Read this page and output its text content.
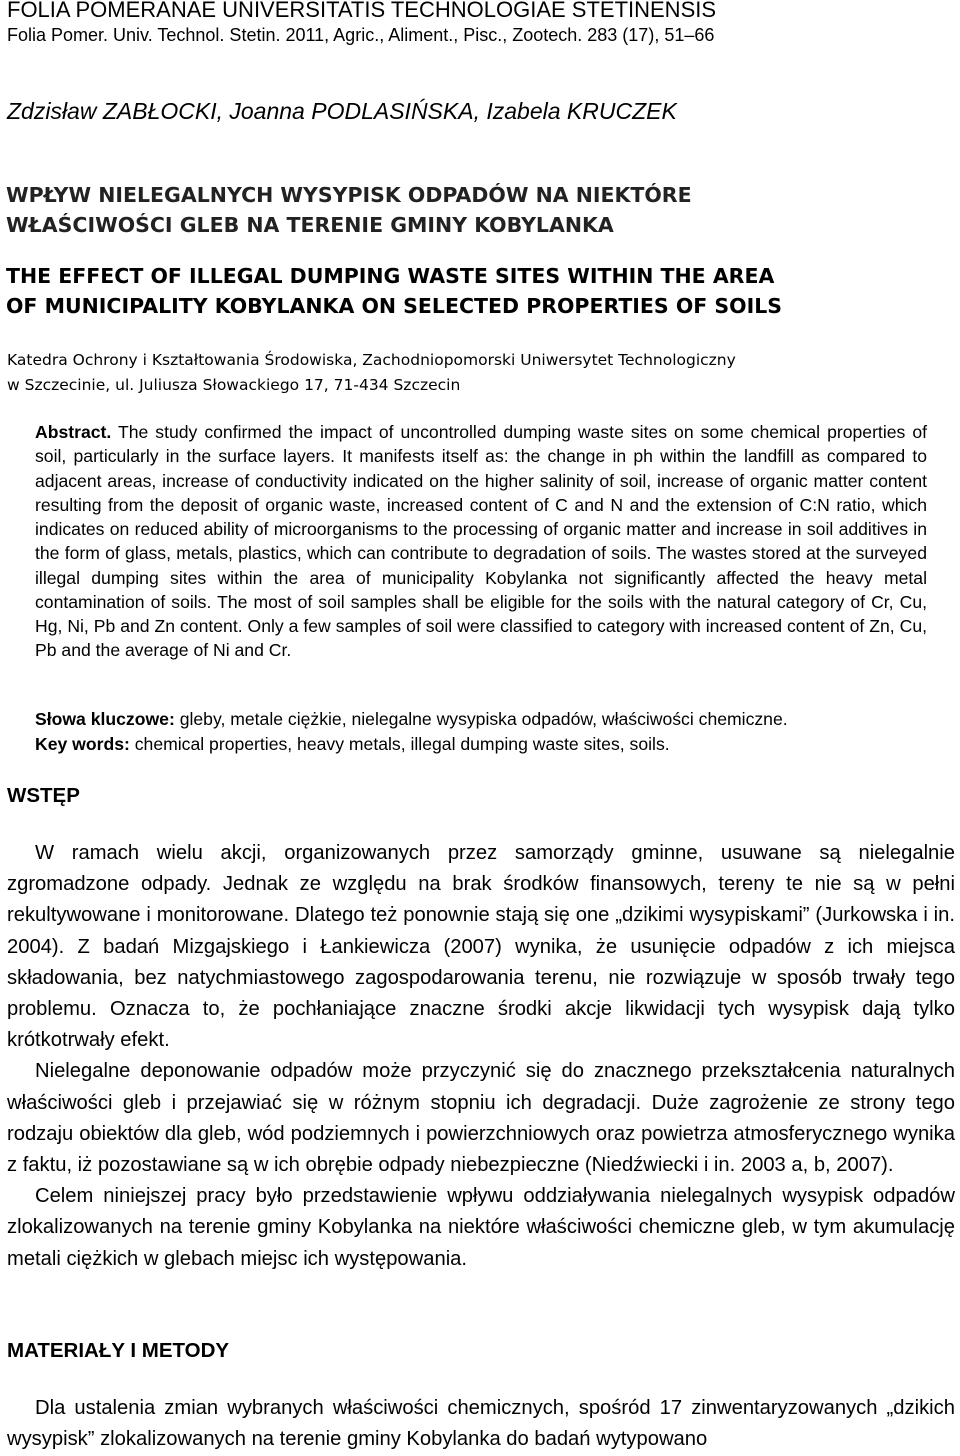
FOLIA POMERANAE UNIVERSITATIS TECHNOLOGIAE STETINENSIS
Folia Pomer. Univ. Technol. Stetin. 2011, Agric., Aliment., Pisc., Zootech. 283 (17), 51–66
Zdzisław ZABŁOCKI, Joanna PODLASIŃSKA, Izabela KRUCZEK
WPŁYW NIELEGALNYCH WYSYPISK ODPADÓW NA NIEKTÓRE
WŁAŚCIWOŚCI GLEB NA TERENIE GMINY KOBYLANKA
THE EFFECT OF ILLEGAL DUMPING WASTE SITES WITHIN THE AREA
OF MUNICIPALITY KOBYLANKA ON SELECTED PROPERTIES OF SOILS
Katedra Ochrony i Kształtowania Środowiska, Zachodniopomorski Uniwersytet Technologiczny
w Szczecinie, ul. Juliusza Słowackiego 17, 71-434 Szczecin
Abstract. The study confirmed the impact of uncontrolled dumping waste sites on some chemical properties of soil, particularly in the surface layers. It manifests itself as: the change in ph within the landfill as compared to adjacent areas, increase of conductivity indicated on the higher salinity of soil, increase of organic matter content resulting from the deposit of organic waste, increased content of C and N and the extension of C:N ratio, which indicates on reduced ability of microorganisms to the processing of organic matter and increase in soil additives in the form of glass, metals, plastics, which can contribute to degradation of soils. The wastes stored at the surveyed illegal dumping sites within the area of municipality Kobylanka not significantly affected the heavy metal contamination of soils. The most of soil samples shall be eligible for the soils with the natural category of Cr, Cu, Hg, Ni, Pb and Zn content. Only a few samples of soil were classified to category with increased content of Zn, Cu, Pb and the average of Ni and Cr.
Słowa kluczowe: gleby, metale ciężkie, nielegalne wysypiska odpadów, właściwości chemiczne.
Key words: chemical properties, heavy metals, illegal dumping waste sites, soils.
WSTĘP

W ramach wielu akcji, organizowanych przez samorządy gminne, usuwane są nielegalnie zgromadzone odpady. Jednak ze względu na brak środków finansowych, tereny te nie są w pełni rekultywowane i monitorowane. Dlatego też ponownie stają się one „dzikimi wysypiskami” (Jurkowska i in. 2004). Z badań Mizgajskiego i Łankiewicza (2007) wynika, że usunięcie odpadów z ich miejsca składowania, bez natychmiastowego zagospodarowania terenu, nie rozwiązuje w sposób trwały tego problemu. Oznacza to, że pochłaniające znaczne środki akcje likwidacji tych wysypisk dają tylko krótkotrwały efekt.

Nielegalne deponowanie odpadów może przyczynić się do znacznego przekształcenia naturalnych właściwości gleb i przejawiać się w różnym stopniu ich degradacji. Duże zagrożenie ze strony tego rodzaju obiektów dla gleb, wód podziemnych i powierzchniowych oraz powietrza atmosferycznego wynika z faktu, iż pozostawiane są w ich obrębie odpady niebezpieczne (Niedźwiecki i in. 2003 a, b, 2007).

Celem niniejszej pracy było przedstawienie wpływu oddziaływania nielegalnych wysypisk odpadów zlokalizowanych na terenie gminy Kobylanka na niektóre właściwości chemiczne gleb, w tym akumulację metali ciężkich w glebach miejsc ich występowania.

MATERIAŁY I METODY

Dla ustalenia zmian wybranych właściwości chemicznych, spośród 17 zinwentaryzowanych „dzikich wysypisk” zlokalizowanych na terenie gminy Kobylanka do badań wytypowano
